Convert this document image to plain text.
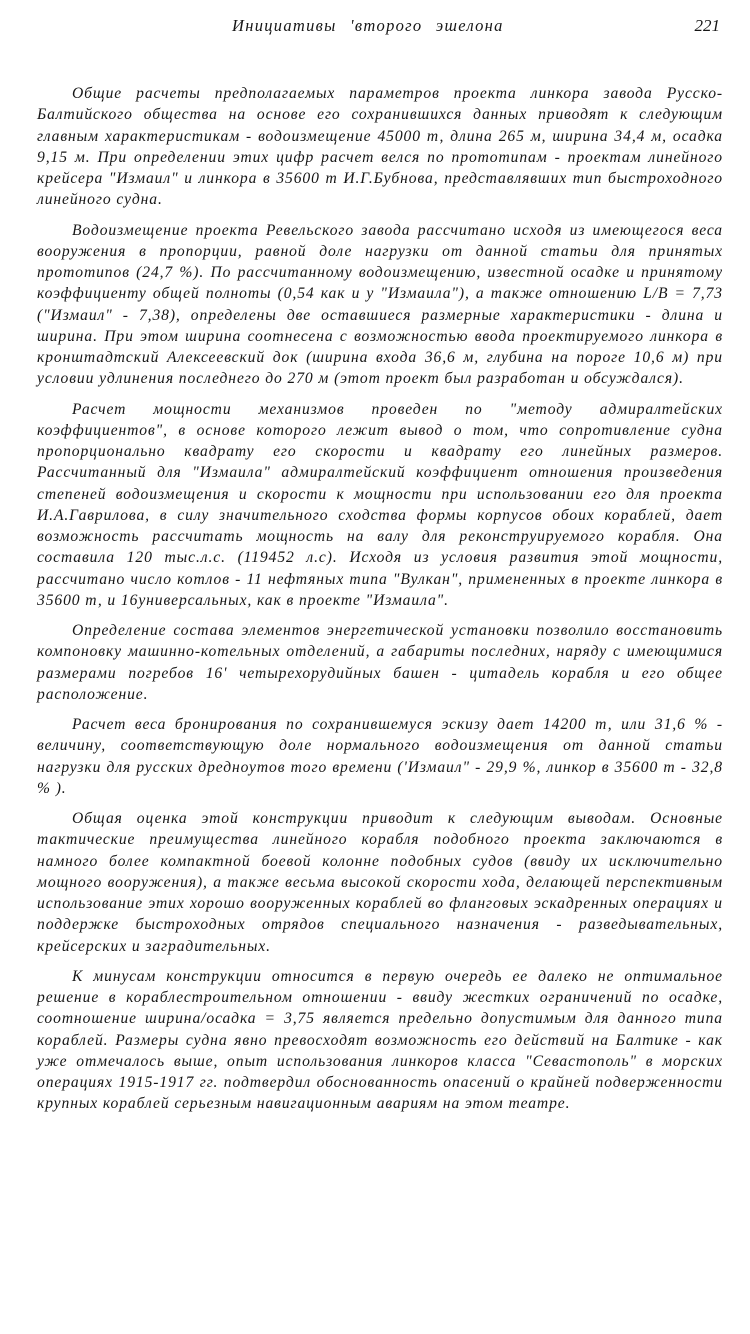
Инициативы 'вторoго эшелона	221

Общие расчеты предполагаемых параметров проекта линкора завода Русско-Балтийского общества на основе его сохранившихся данных приводят к следующим главным характеристикам - водоизмещение 45000 т, длина 265 м, ширина 34,4 м, осадка 9,15 м. При определении этих цифр расчет велся по прототипам - проектам линейного крейсера "Измаил" и линкора в 35600 т И.Г.Бубнова, представлявших тип быстроходного линейного судна.

Водоизмещение проекта Ревельского завода рассчитано исходя из имеющегося веса вооружения в пропорции, равной доле нагрузки от данной статьи для принятых прототипов (24,7 %). По рассчитанному водоизмещению, известной осадке и принятому коэффициенту общей полноты (0,54 как и у "Измаила"), а также отношению L/B = 7,73 ("Измаил" - 7,38), определены две оставшиеся размерные характеристики - длина и ширина. При этом ширина соотнесена с возможностью ввода проектируемого линкора в кронштадтский Алексеевский док (ширина входа 36,6 м, глубина на пороге 10,6 м) при условии удлинения последнего до 270 м (этот проект был разработан и обсуждался).

Расчет мощности механизмов проведен по "методу адмиралтейских коэффициентов", в основе которого лежит вывод о том, что сопротивление судна пропорционально квадрату его скорости и квадрату его линейных размеров. Рассчитанный для "Измаила" адмиралтейский коэффициент отношения произведения степеней водоизмещения и скорости к мощности при использовании его для проекта И.А.Гаврилова, в силу значительного сходства формы корпусов обоих кораблей, дает возможность рассчитать мощность на валу для реконструируемого корабля. Она составила 120 тыс.л.с. (119452 л.с). Исходя из условия развития этой мощности, рассчитано число котлов - 11 нефтяных типа "Вулкан", примененных в проекте линкора в 35600 т, и 16универсальных, как в проекте "Измаила".

Определение состава элементов энергетической установки позволило восстановить компоновку машинно-котельных отделений, а габариты последних, наряду с имеющимися размерами погребов 16' четырехорудийных башен - цитадель корабля и его общее расположение.

Расчет веса бронирования по сохранившемуся эскизу дает 14200 т, или 31,6 % - величину, соответствующую доле нормального водоизмещения от данной статьи нагрузки для русских дредноутов того времени ('Измаил" - 29,9 %, линкор в 35600 т - 32,8 % ).

Общая оценка этой конструкции приводит к следующим выводам. Основные тактические преимущества линейного корабля подобного проекта заключаются в намного более компактной боевой колонне подобных судов (ввиду их исключительно мощного вооружения), а также весьма высокой скорости хода, делающей перспективным использование этих хорошо вооруженных кораблей во фланговых эскадренных операциях и поддержке быстроходных отрядов специального назначения - разведывательных, крейсерских и заградительных.

К минусам конструкции относится в первую очередь ее далеко не оптимальное решение в кораблестроительном отношении - ввиду жестких ограничений по осадке, соотношение ширина/осадка = 3,75 является предельно допустимым для данного типа кораблей. Размеры судна явно превосходят возможность его действий на Балтике - как уже отмечалось выше, опыт использования линкоров класса "Севастополь" в морских операциях 1915-1917 гг. подтвердил обоснованность опасений о крайней подверженности крупных кораблей серьезным навигационным авариям на этом театре.
